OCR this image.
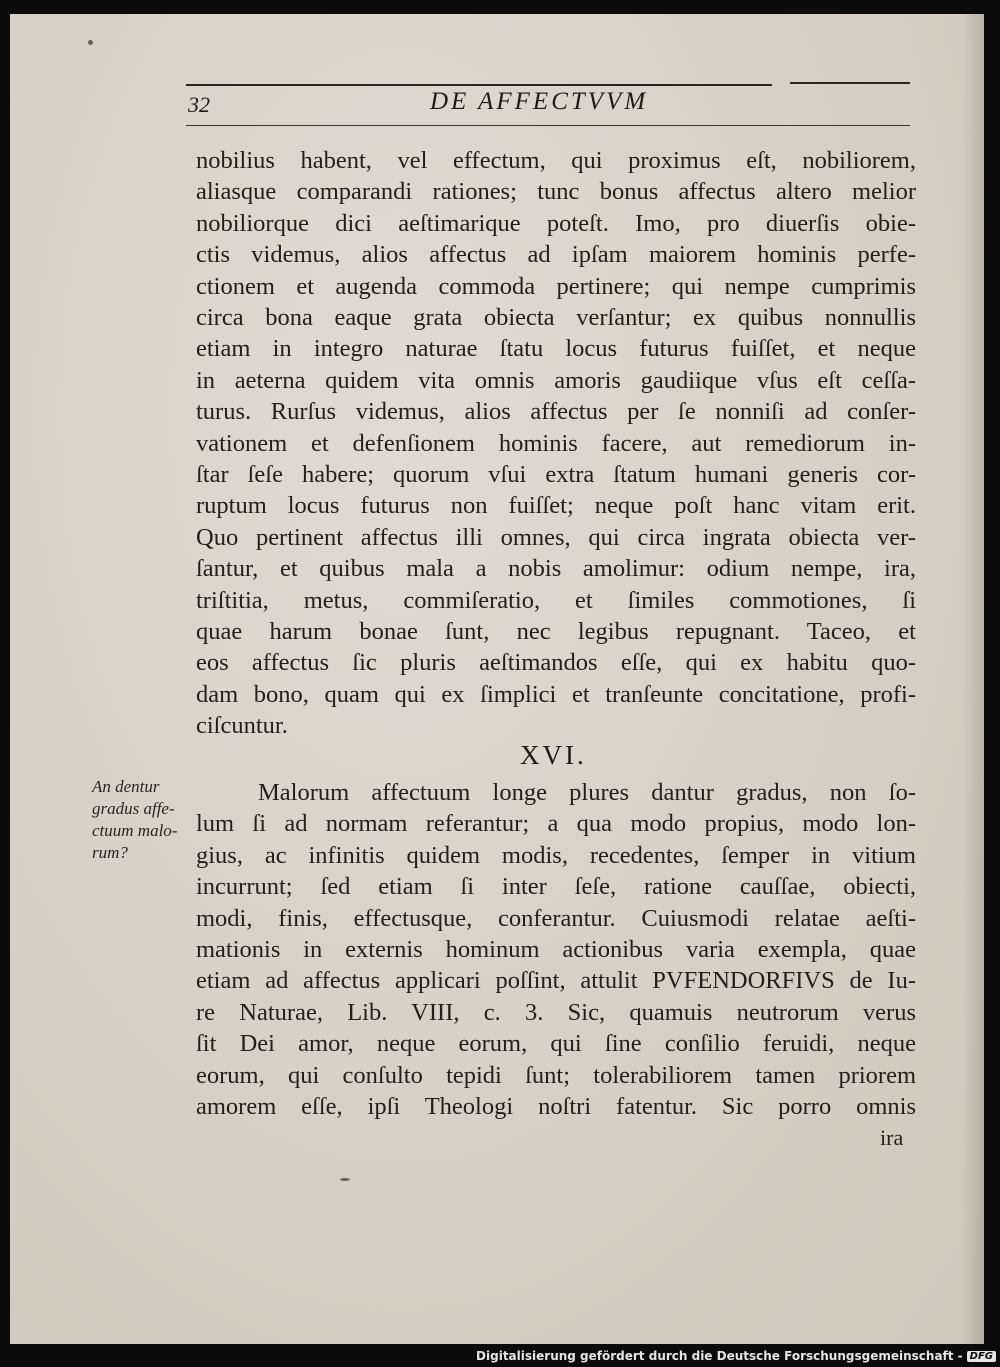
32	DE AFFECTVVM
nobilius habent, vel effectum, qui proximus eſt, nobiliorem,
aliasque comparandi rationes; tunc bonus affectus altero melior
nobiliorque dici aeſtimarique poteſt. Imo, pro diuerſis obie-
ctis videmus, alios affectus ad ipſam maiorem hominis perfe-
ctionem et augenda commoda pertinere; qui nempe cumprimis
circa bona eaque grata obiecta verſantur; ex quibus nonnullis
etiam in integro naturae ſtatu locus futurus fuiſſet, et neque
in aeterna quidem vita omnis amoris gaudiique vſus eſt ceſſa-
turus. Rurſus videmus, alios affectus per ſe nonniſi ad conſer-
vationem et defenſionem hominis facere, aut remediorum in-
ſtar ſeſe habere; quorum vſui extra ſtatum humani generis cor-
ruptum locus futurus non fuiſſet; neque poſt hanc vitam erit.
Quo pertinent affectus illi omnes, qui circa ingrata obiecta ver-
ſantur, et quibus mala a nobis amolimur: odium nempe, ira,
triſtitia, metus, commiſeratio, et ſimiles commotiones, ſi
quae harum bonae ſunt, nec legibus repugnant. Taceo, et
eos affectus ſic pluris aeſtimandos eſſe, qui ex habitu quo-
dam bono, quam qui ex ſimplici et tranſeunte concitatione, profi-
ciſcuntur.
XVI.
An dentur
gradus affe-
ctuum malo-
rum?
Malorum affectuum longe plures dantur gradus, non ſo-
lum ſi ad normam referantur; a qua modo propius, modo lon-
gius, ac infinitis quidem modis, recedentes, ſemper in vitium
incurrunt; ſed etiam ſi inter ſeſe, ratione cauſſae, obiecti,
modi, finis, effectusque, conferantur. Cuiusmodi relatae aeſti-
mationis in externis hominum actionibus varia exempla, quae
etiam ad affectus applicari poſſint, attulit PVFENDORFIVS de Iu-
re Naturae, Lib. VIII, c. 3. Sic, quamuis neutrorum verus
ſit Dei amor, neque eorum, qui ſine conſilio feruidi, neque
eorum, qui conſulto tepidi ſunt; tolerabiliorem tamen priorem
amorem eſſe, ipſi Theologi noſtri fatentur. Sic porro omnis
ira
Digitalisierung gefördert durch die Deutsche Forschungsgemeinschaft - DFG
